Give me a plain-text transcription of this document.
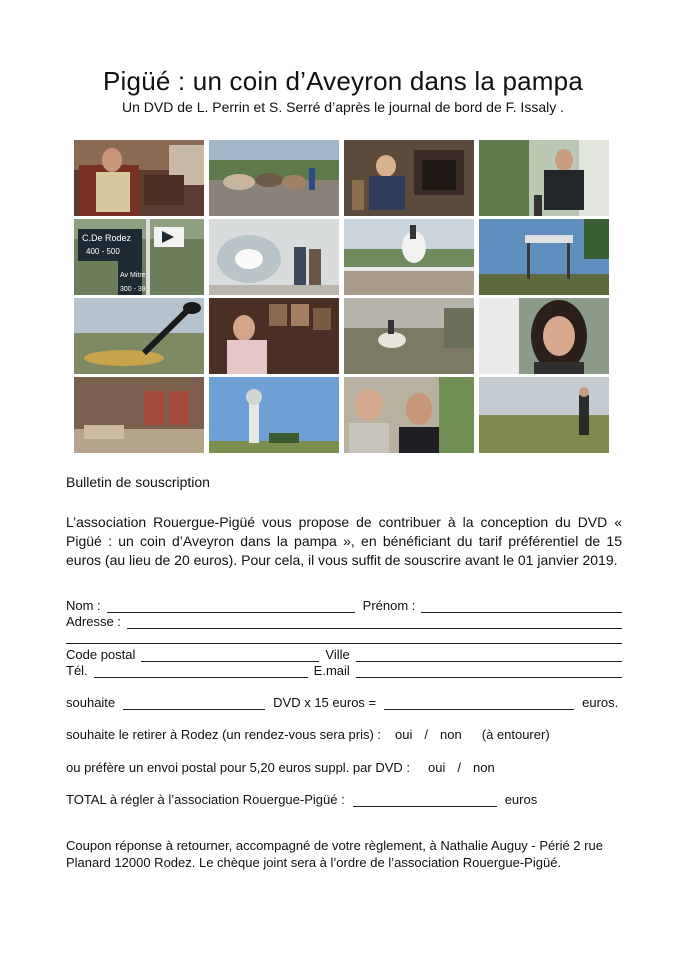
Pigüé : un coin d’Aveyron dans la pampa
Un DVD de L. Perrin et S. Serré d’après le journal de bord de F. Issaly .
C.De Rodez
400 - 500
Av Mitre
300 - 39
Bulletin de souscription
L’association Rouergue-Pigüé vous propose de contribuer à la conception du DVD « Pigüé : un coin d’Aveyron dans la pampa », en bénéficiant du tarif préférentiel de 15 euros (au lieu de 20 euros). Pour cela, il vous suffit de souscrire avant le 01 janvier 2019.
Nom :	Prénom :
Adresse :
Code postal	Ville
Tél.	E.mail
souhaite	DVD x 15 euros =	euros.
souhaite le retirer à Rodez (un rendez-vous sera pris) : oui / non (à entourer)
ou préfère un envoi postal pour 5,20 euros suppl. par DVD : oui / non
TOTAL à régler à l’association Rouergue-Pigüé :	euros
Coupon réponse à retourner, accompagné de votre règlement, à Nathalie Auguy - Périé 2 rue Planard 12000 Rodez. Le chèque joint sera à l’ordre de l’association Rouergue-Pigüé.
